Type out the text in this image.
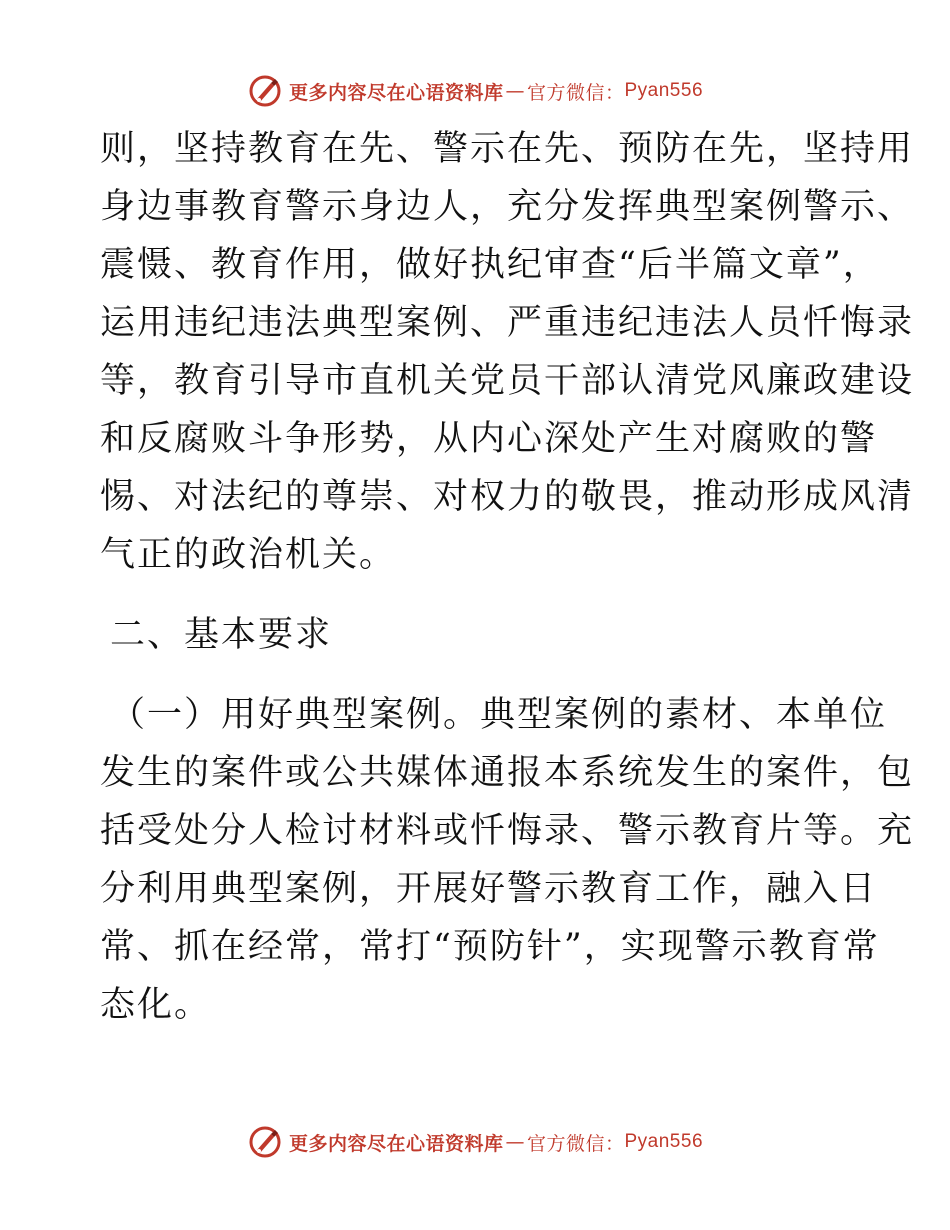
更多内容尽在心语资料库 — 官方微信： Pyan556
则，坚持教育在先、警示在先、预防在先，坚持用
身边事教育警示身边人，充分发挥典型案例警示、
震慑、教育作用，做好执纪审查“后半篇文章”，
运用违纪违法典型案例、严重违纪违法人员忏悔录
等，教育引导市直机关党员干部认清党风廉政建设
和反腐败斗争形势，从内心深处产生对腐败的警
惕、对法纪的尊崇、对权力的敬畏，推动形成风清
气正的政治机关。
二、基本要求
（一）用好典型案例。典型案例的素材、本单位
发生的案件或公共媒体通报本系统发生的案件，包
括受处分人检讨材料或忏悔录、警示教育片等。充
分利用典型案例，开展好警示教育工作，融入日
常、抓在经常，常打“预防针”，实现警示教育常
态化。
更多内容尽在心语资料库 — 官方微信： Pyan556
